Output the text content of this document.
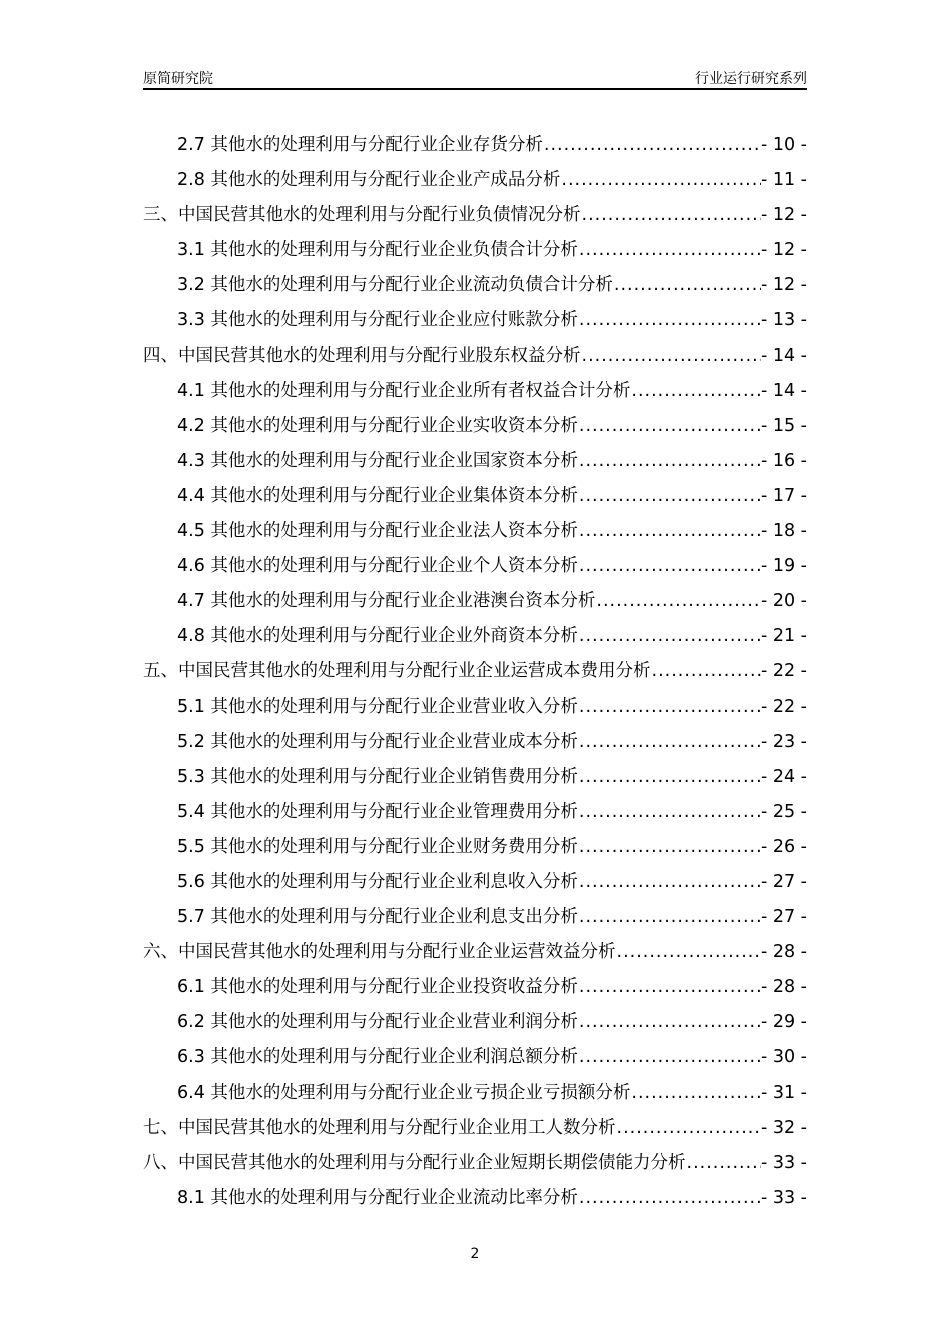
原简研究院	行业运行研究系列
2.7 其他水的处理利用与分配行业企业存货分析 .....	- 10 -
2.8 其他水的处理利用与分配行业企业产成品分析 .....	- 11 -
三、中国民营其他水的处理利用与分配行业负债情况分析 .....	- 12 -
3.1 其他水的处理利用与分配行业企业负债合计分析 .....	- 12 -
3.2 其他水的处理利用与分配行业企业流动负债合计分析 .....	- 12 -
3.3 其他水的处理利用与分配行业企业应付账款分析 .....	- 13 -
四、中国民营其他水的处理利用与分配行业股东权益分析 .....	- 14 -
4.1 其他水的处理利用与分配行业企业所有者权益合计分析 .....	- 14 -
4.2 其他水的处理利用与分配行业企业实收资本分析 .....	- 15 -
4.3 其他水的处理利用与分配行业企业国家资本分析 .....	- 16 -
4.4 其他水的处理利用与分配行业企业集体资本分析 .....	- 17 -
4.5 其他水的处理利用与分配行业企业法人资本分析 .....	- 18 -
4.6 其他水的处理利用与分配行业企业个人资本分析 .....	- 19 -
4.7 其他水的处理利用与分配行业企业港澳台资本分析 .....	- 20 -
4.8 其他水的处理利用与分配行业企业外商资本分析 .....	- 21 -
五、中国民营其他水的处理利用与分配行业企业运营成本费用分析 .....	- 22 -
5.1 其他水的处理利用与分配行业企业营业收入分析 .....	- 22 -
5.2 其他水的处理利用与分配行业企业营业成本分析 .....	- 23 -
5.3 其他水的处理利用与分配行业企业销售费用分析 .....	- 24 -
5.4 其他水的处理利用与分配行业企业管理费用分析 .....	- 25 -
5.5 其他水的处理利用与分配行业企业财务费用分析 .....	- 26 -
5.6 其他水的处理利用与分配行业企业利息收入分析 .....	- 27 -
5.7 其他水的处理利用与分配行业企业利息支出分析 .....	- 27 -
六、中国民营其他水的处理利用与分配行业企业运营效益分析 .....	- 28 -
6.1 其他水的处理利用与分配行业企业投资收益分析 .....	- 28 -
6.2 其他水的处理利用与分配行业企业营业利润分析 .....	- 29 -
6.3 其他水的处理利用与分配行业企业利润总额分析 .....	- 30 -
6.4 其他水的处理利用与分配行业企业亏损企业亏损额分析 .....	- 31 -
七、中国民营其他水的处理利用与分配行业企业用工人数分析 .....	- 32 -
八、中国民营其他水的处理利用与分配行业企业短期长期偿债能力分析 .....	- 33 -
8.1 其他水的处理利用与分配行业企业流动比率分析 .....	- 33 -
2
